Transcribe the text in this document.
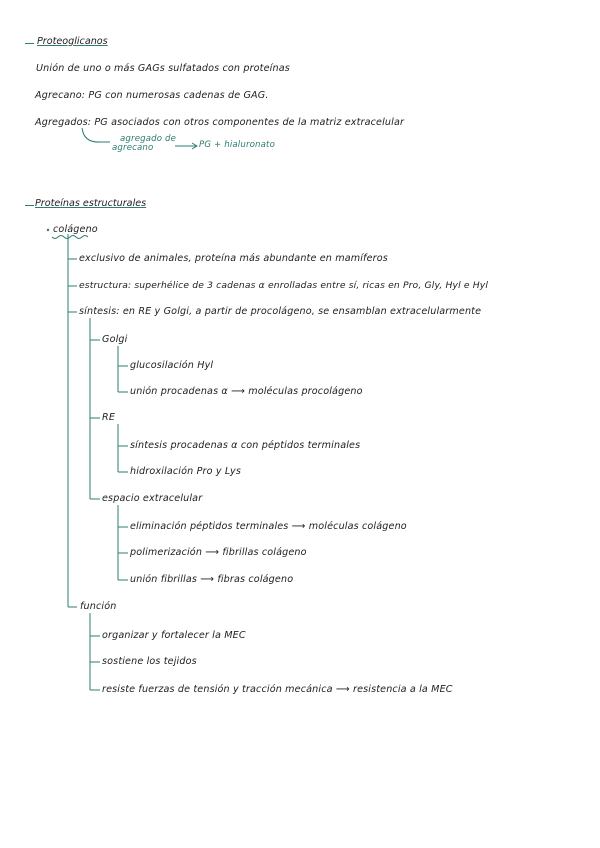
Proteoglicanos
Unión de uno o más GAGs sulfatados con proteínas
Agrecano: PG con numerosas cadenas de GAG.
Agregados: PG asociados con otros componentes de la matriz extracelular
agregado de
agrecano	PG + hialuronato
Proteínas estructurales
colágeno
exclusivo de animales, proteína más abundante en mamíferos
estructura: superhélice de 3 cadenas α enrolladas entre sí, ricas en Pro, Gly, Hyl e Hyl
síntesis: en RE y Golgi, a partir de procolágeno, se ensamblan extracelularmente
Golgi
glucosilación Hyl
unión procadenas α ⟶ moléculas procolágeno
RE
síntesis procadenas α con péptidos terminales
hidroxilación Pro y Lys
espacio extracelular
eliminación péptidos terminales ⟶ moléculas colágeno
polimerización ⟶ fibrillas colágeno
unión fibrillas ⟶ fibras colágeno
función
organizar y fortalecer la MEC
sostiene los tejidos
resiste fuerzas de tensión y tracción mecánica ⟶ resistencia a la MEC
